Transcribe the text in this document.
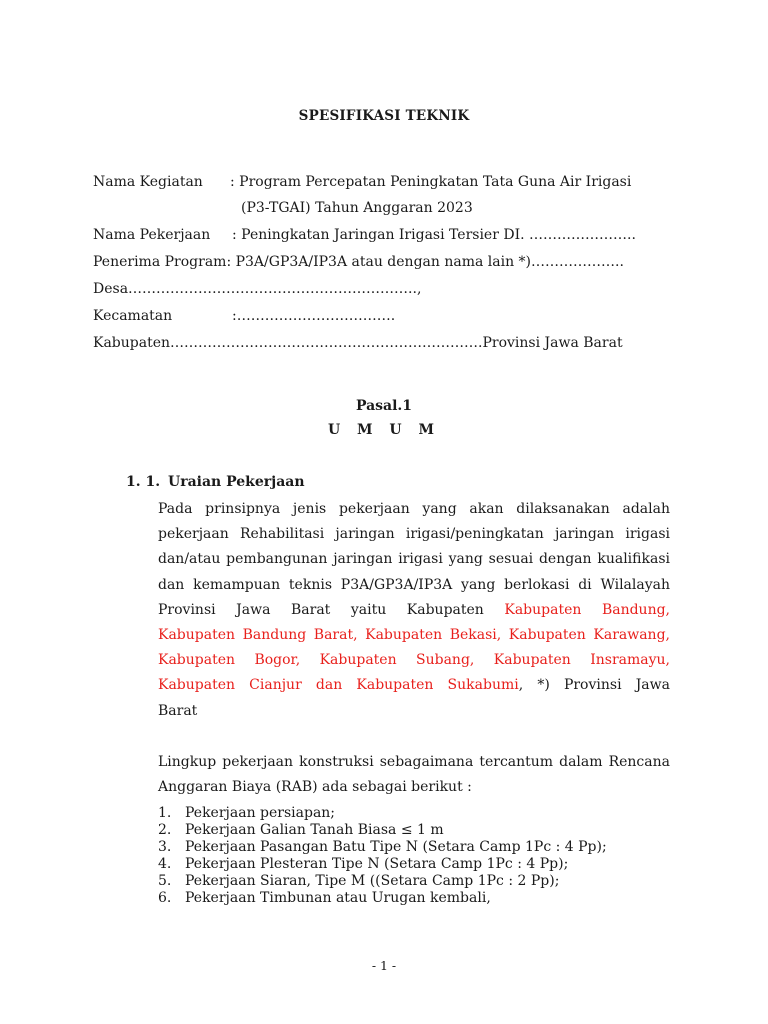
SPESIFIKASI TEKNIK
Nama Kegiatan : Program Percepatan Peningkatan Tata Guna Air Irigasi
(P3-TGAI) Tahun Anggaran 2023
Nama Pekerjaan : Peningkatan Jaringan Irigasi Tersier DI. …………………..
Penerima Program: P3A/GP3A/IP3A atau dengan nama lain *)………………..
Desa……………………………………………………..,
Kecamatan	:…………………………….
Kabupaten………………………………………………………….Provinsi Jawa Barat
Pasal.1
U M U M
1. 1. Uraian Pekerjaan
Pada prinsipnya jenis pekerjaan yang akan dilaksanakan adalah
pekerjaan Rehabilitasi jaringan irigasi/peningkatan jaringan irigasi
dan/atau pembangunan jaringan irigasi yang sesuai dengan kualifikasi
dan kemampuan teknis P3A/GP3A/IP3A yang berlokasi di Wilalayah
Provinsi Jawa Barat yaitu Kabupaten Kabupaten Bandung,
Kabupaten Bandung Barat, Kabupaten Bekasi, Kabupaten Karawang,
Kabupaten Bogor, Kabupaten Subang, Kabupaten Insramayu,
Kabupaten Cianjur dan Kabupaten Sukabumi, *) Provinsi Jawa
Barat
Lingkup pekerjaan konstruksi sebagaimana tercantum dalam Rencana
Anggaran Biaya (RAB) ada sebagai berikut :
1. Pekerjaan persiapan;
2. Pekerjaan Galian Tanah Biasa ≤ 1 m
3. Pekerjaan Pasangan Batu Tipe N (Setara Camp 1Pc : 4 Pp);
4. Pekerjaan Plesteran Tipe N (Setara Camp 1Pc : 4 Pp);
5. Pekerjaan Siaran, Tipe M ((Setara Camp 1Pc : 2 Pp);
6. Pekerjaan Timbunan atau Urugan kembali,
- 1 -
